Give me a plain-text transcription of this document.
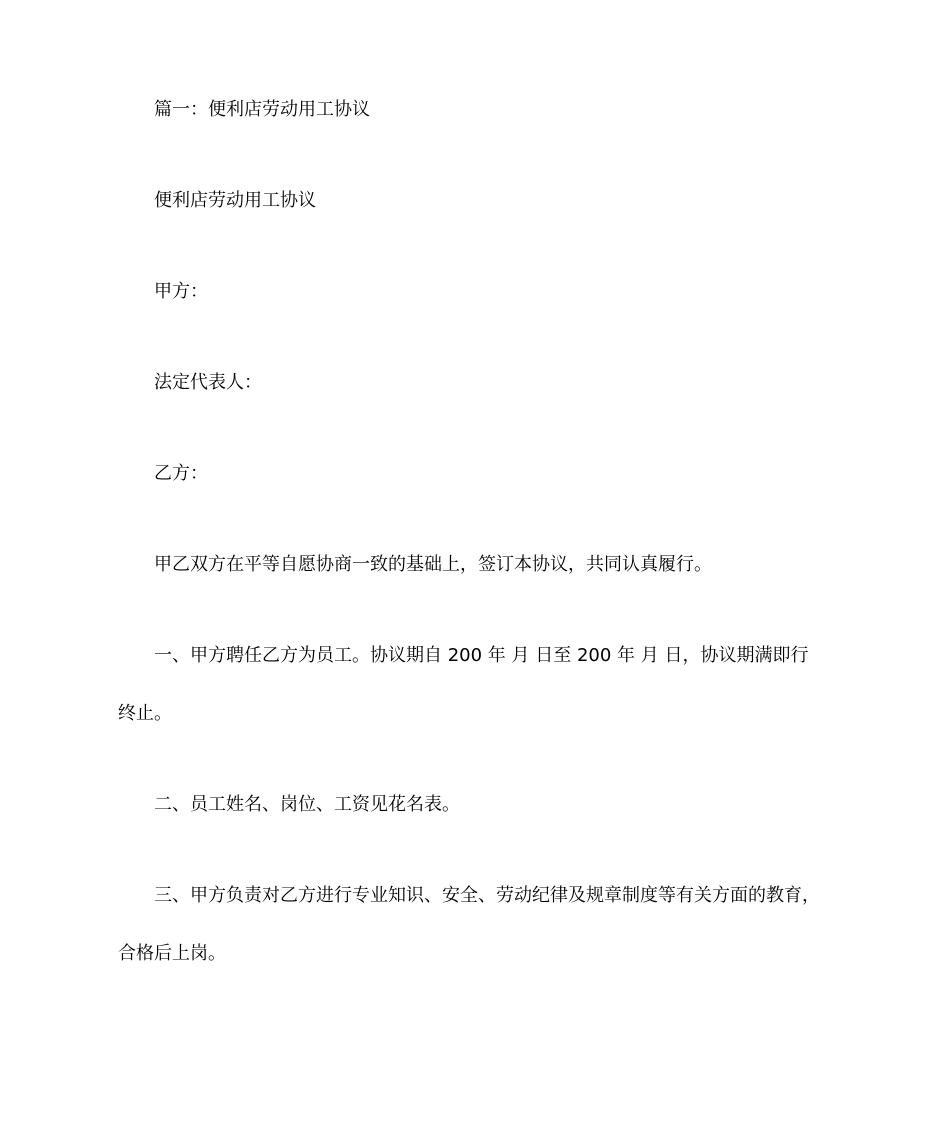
篇一：便利店劳动用工协议
便利店劳动用工协议
甲方：
法定代表人：
乙方：
甲乙双方在平等自愿协商一致的基础上，签订本协议，共同认真履行。
一、甲方聘任乙方为员工。协议期自 200 年 月 日至 200 年 月 日，协议期满即行
终止。
二、员工姓名、岗位、工资见花名表。
三、甲方负责对乙方进行专业知识、安全、劳动纪律及规章制度等有关方面的教育，
合格后上岗。
